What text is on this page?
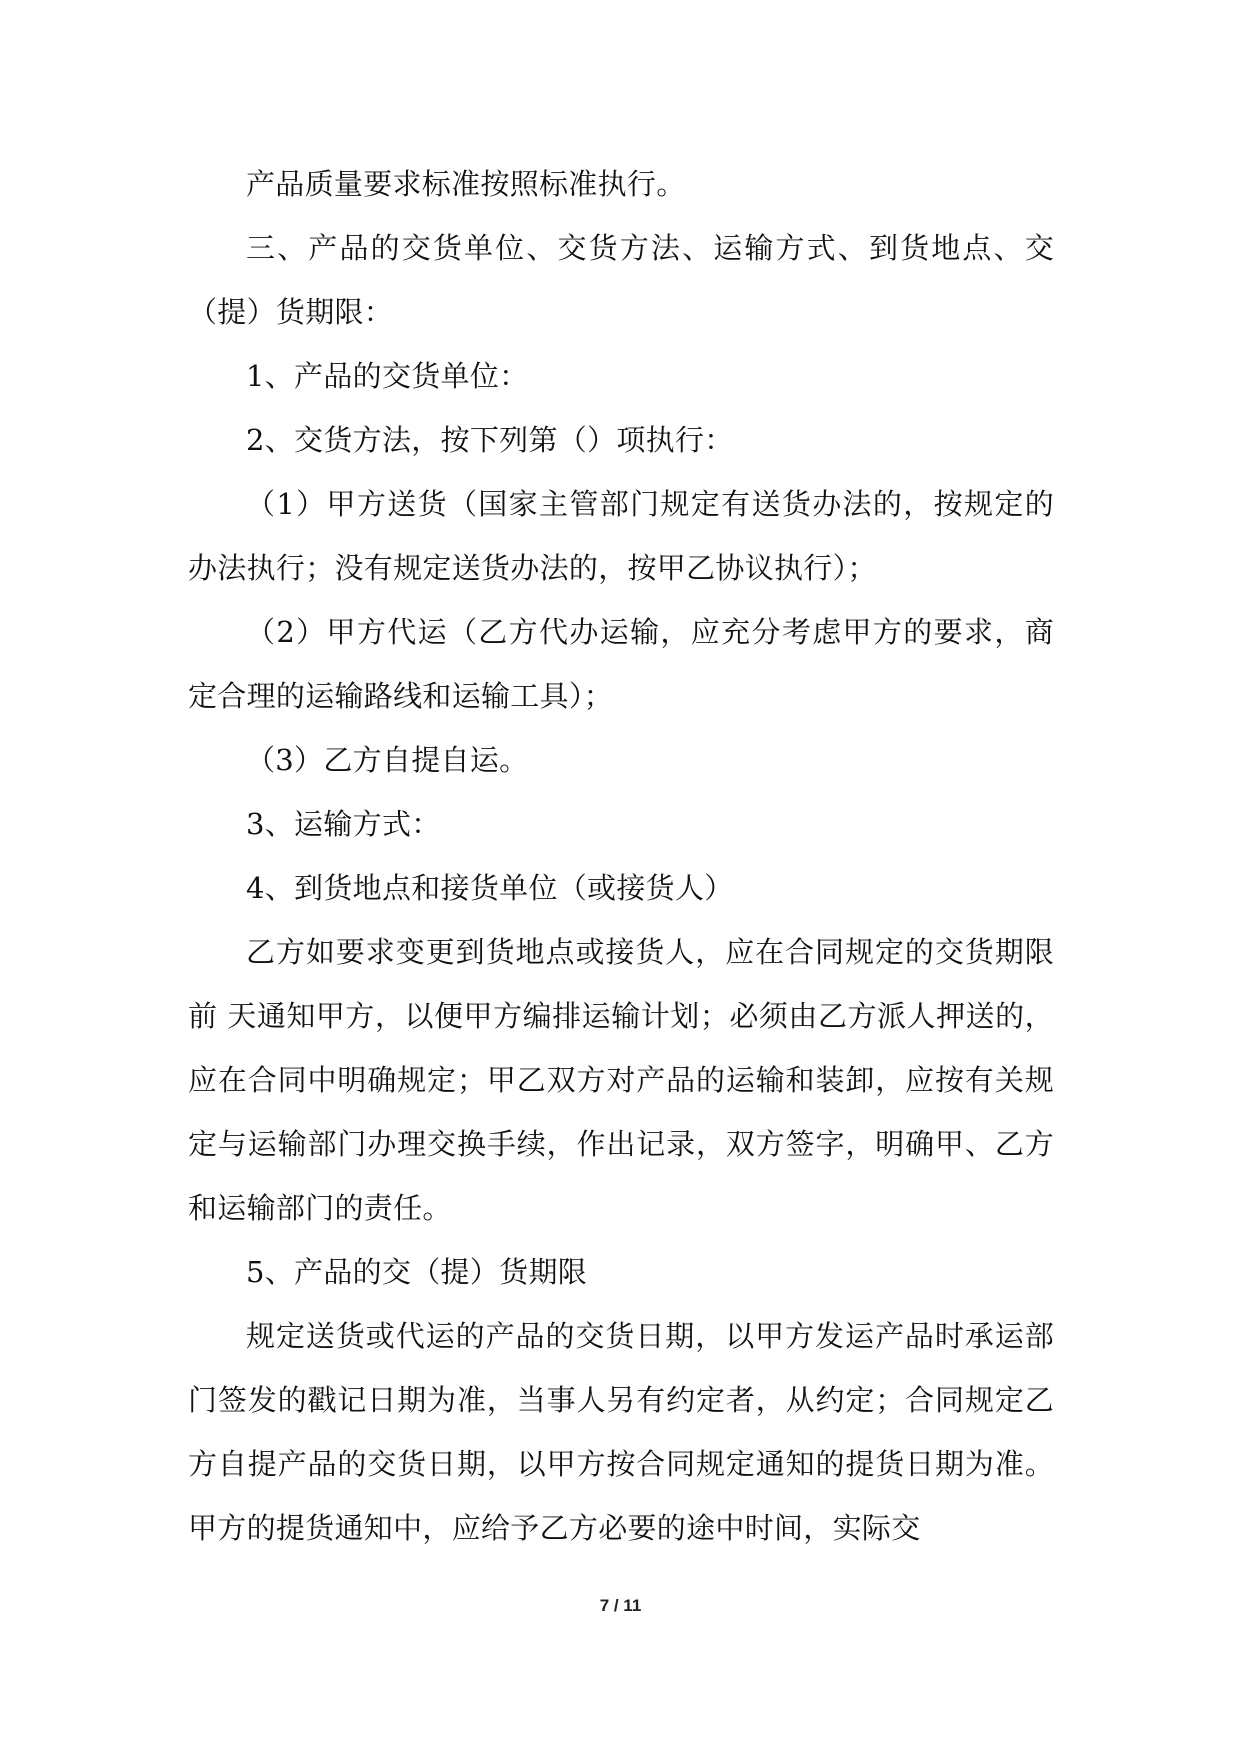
产品质量要求标准按照标准执行。

三、产品的交货单位、交货方法、运输方式、到货地点、交（提）货期限：

1、产品的交货单位：

2、交货方法，按下列第（）项执行：

（1）甲方送货（国家主管部门规定有送货办法的，按规定的办法执行；没有规定送货办法的，按甲乙协议执行）；

（2）甲方代运（乙方代办运输，应充分考虑甲方的要求，商定合理的运输路线和运输工具）；

（3）乙方自提自运。

3、运输方式：

4、到货地点和接货单位（或接货人）

乙方如要求变更到货地点或接货人，应在合同规定的交货期限前 天通知甲方，以便甲方编排运输计划；必须由乙方派人押送的，应在合同中明确规定；甲乙双方对产品的运输和装卸，应按有关规定与运输部门办理交换手续，作出记录，双方签字，明确甲、乙方和运输部门的责任。

5、产品的交（提）货期限

规定送货或代运的产品的交货日期，以甲方发运产品时承运部门签发的戳记日期为准，当事人另有约定者，从约定；合同规定乙方自提产品的交货日期，以甲方按合同规定通知的提货日期为准。甲方的提货通知中，应给予乙方必要的途中时间，实际交

7 / 11
